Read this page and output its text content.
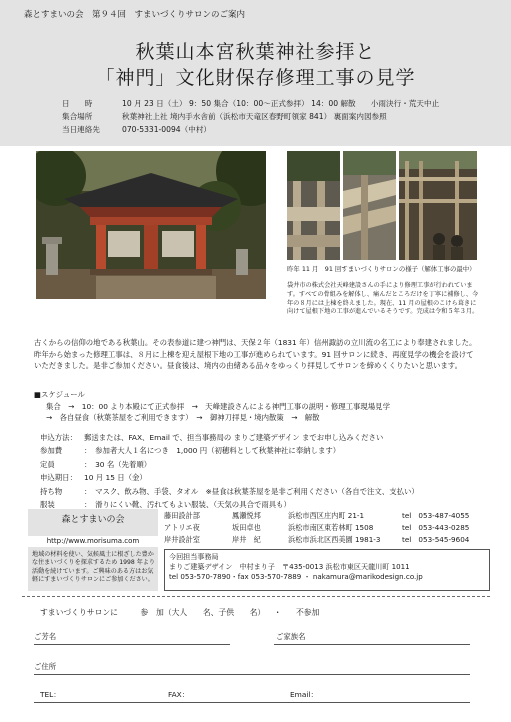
森とすまいの会　第９４回　すまいづくりサロンのご案内
秋葉山本宮秋葉神社参拝と
「神門」文化財保存修理工事の見学
日　　時	10 月 23 日（土） 9：50 集合（10：00～正式参拝） 14：00 解散　　小雨決行・荒天中止
集合場所	秋葉神社上社 境内手水舎前（浜松市天竜区春野町領家 841） 裏面案内図参照
当日連絡先	070-5331-0094（中村）
昨年 11 月　91 回すまいづくりサロンの様子（解体工事の最中）
袋井市の株式会社天峰建設さんの手により修理工事が行われています。すべての骨組みを解体し、痛んだところだけを丁寧に補修し、今年の８月には上棟を終えました。現在、11 月の屋根のこけら葺きに向けて屋根下地の工事が進んでいるそうです。完成は令和５年３月。
古くからの信仰の地である秋葉山。その表参道に建つ神門は、天保２年（1831 年）信州諏訪の立川流の名工により奉建されました。昨年から始まった修理工事は、８月に上棟を迎え屋根下地の工事が進められています。91 回サロンに続き、再度見学の機会を設けていただきました。是非ご参加ください。昼食後は、境内の由緒ある品々をゆっくり拝見してサロンを締めくくりたいと思います。
■スケジュール
集合　→　10：00 より本殿にて正式参拝　→　天峰建設さんによる神門工事の説明・修理工事現場見学
→　各自昼食（秋葉茶屋をご利用できます）　→　御神刀拝見・境内散策　→　解散
申込方法： 郵送または、FAX、Email で、担当事務局の まりご建築デザイン までお申し込みください
参加費	：　参加者大人１名につき　1,000 円（初穂料として秋葉神社に奉納します）
定員	：　30 名（先着順）
申込期日： 10 月 15 日（金）
持ち物	：　マスク、飲み物、手袋、タオル　※昼食は秋葉茶屋を是非ご利用ください（各自で注文、支払い）
服装	：　滑りにくい靴、汚れてもよい服装、（天気の具合で雨具も）
森とすまいの会
http://www.morisuma.com
地域の材料を使い、気候風土に根ざした豊かな住まいづくりを探求するため 1998 年より活動を続けています。ご興味のある方はお気軽にすまいづくりサロンにご参加ください。
藤田設計部	鳳瀬悦邦	浜松市西区庄内町 21-1	tel　053-487-4055
アトリエ夜	坂田卓也	浜松市南区東若林町 1508	tel　053-443-0285
岸井設計室	岸井　紀	浜松市浜北区西美園 1981-3	tel　053-545-9604
今回担当事務局
まりご建築デザイン　中村まり子　〒435-0013 浜松市東区天龍川町 1011
tel 053-570-7890・fax 053-570-7889 ・ nakamura@marikodesign.co.jp
すまいづくりサロンに	参　加（大人　　名、子供　　名） ・ 不参加
ご芳名	ご家族名
ご住所
TEL：	FAX：	Email：
